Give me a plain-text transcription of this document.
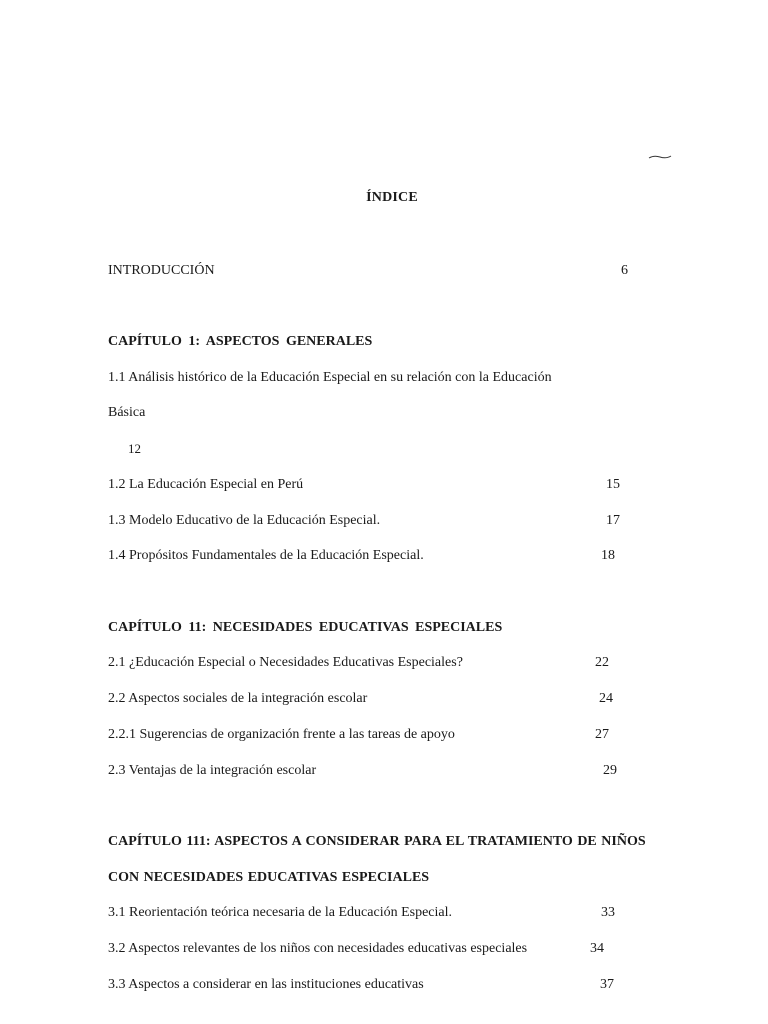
ÍNDICE
INTRODUCCIÓN	6
CAPÍTULO 1: ASPECTOS GENERALES
1.1 Análisis histórico de la Educación Especial en su relación con la Educación
Básica
12
1.2 La Educación Especial en Perú	15
1.3 Modelo Educativo de la Educación Especial.	17
1.4 Propósitos Fundamentales de la Educación Especial.	18
CAPÍTULO 11: NECESIDADES EDUCATIVAS ESPECIALES
2.1 ¿Educación Especial o Necesidades Educativas Especiales?	22
2.2 Aspectos sociales de la integración escolar	24
2.2.1 Sugerencias de organización frente a las tareas de apoyo	27
2.3 Ventajas de la integración escolar	29
CAPÍTULO 111: ASPECTOS A CONSIDERAR PARA EL TRATAMIENTO DE NIÑOS
CON NECESIDADES EDUCATIVAS ESPECIALES
3.1 Reorientación teórica necesaria de la Educación Especial.	33
3.2 Aspectos relevantes de los niños con necesidades educativas especiales	34
3.3 Aspectos a considerar en las instituciones educativas	37
